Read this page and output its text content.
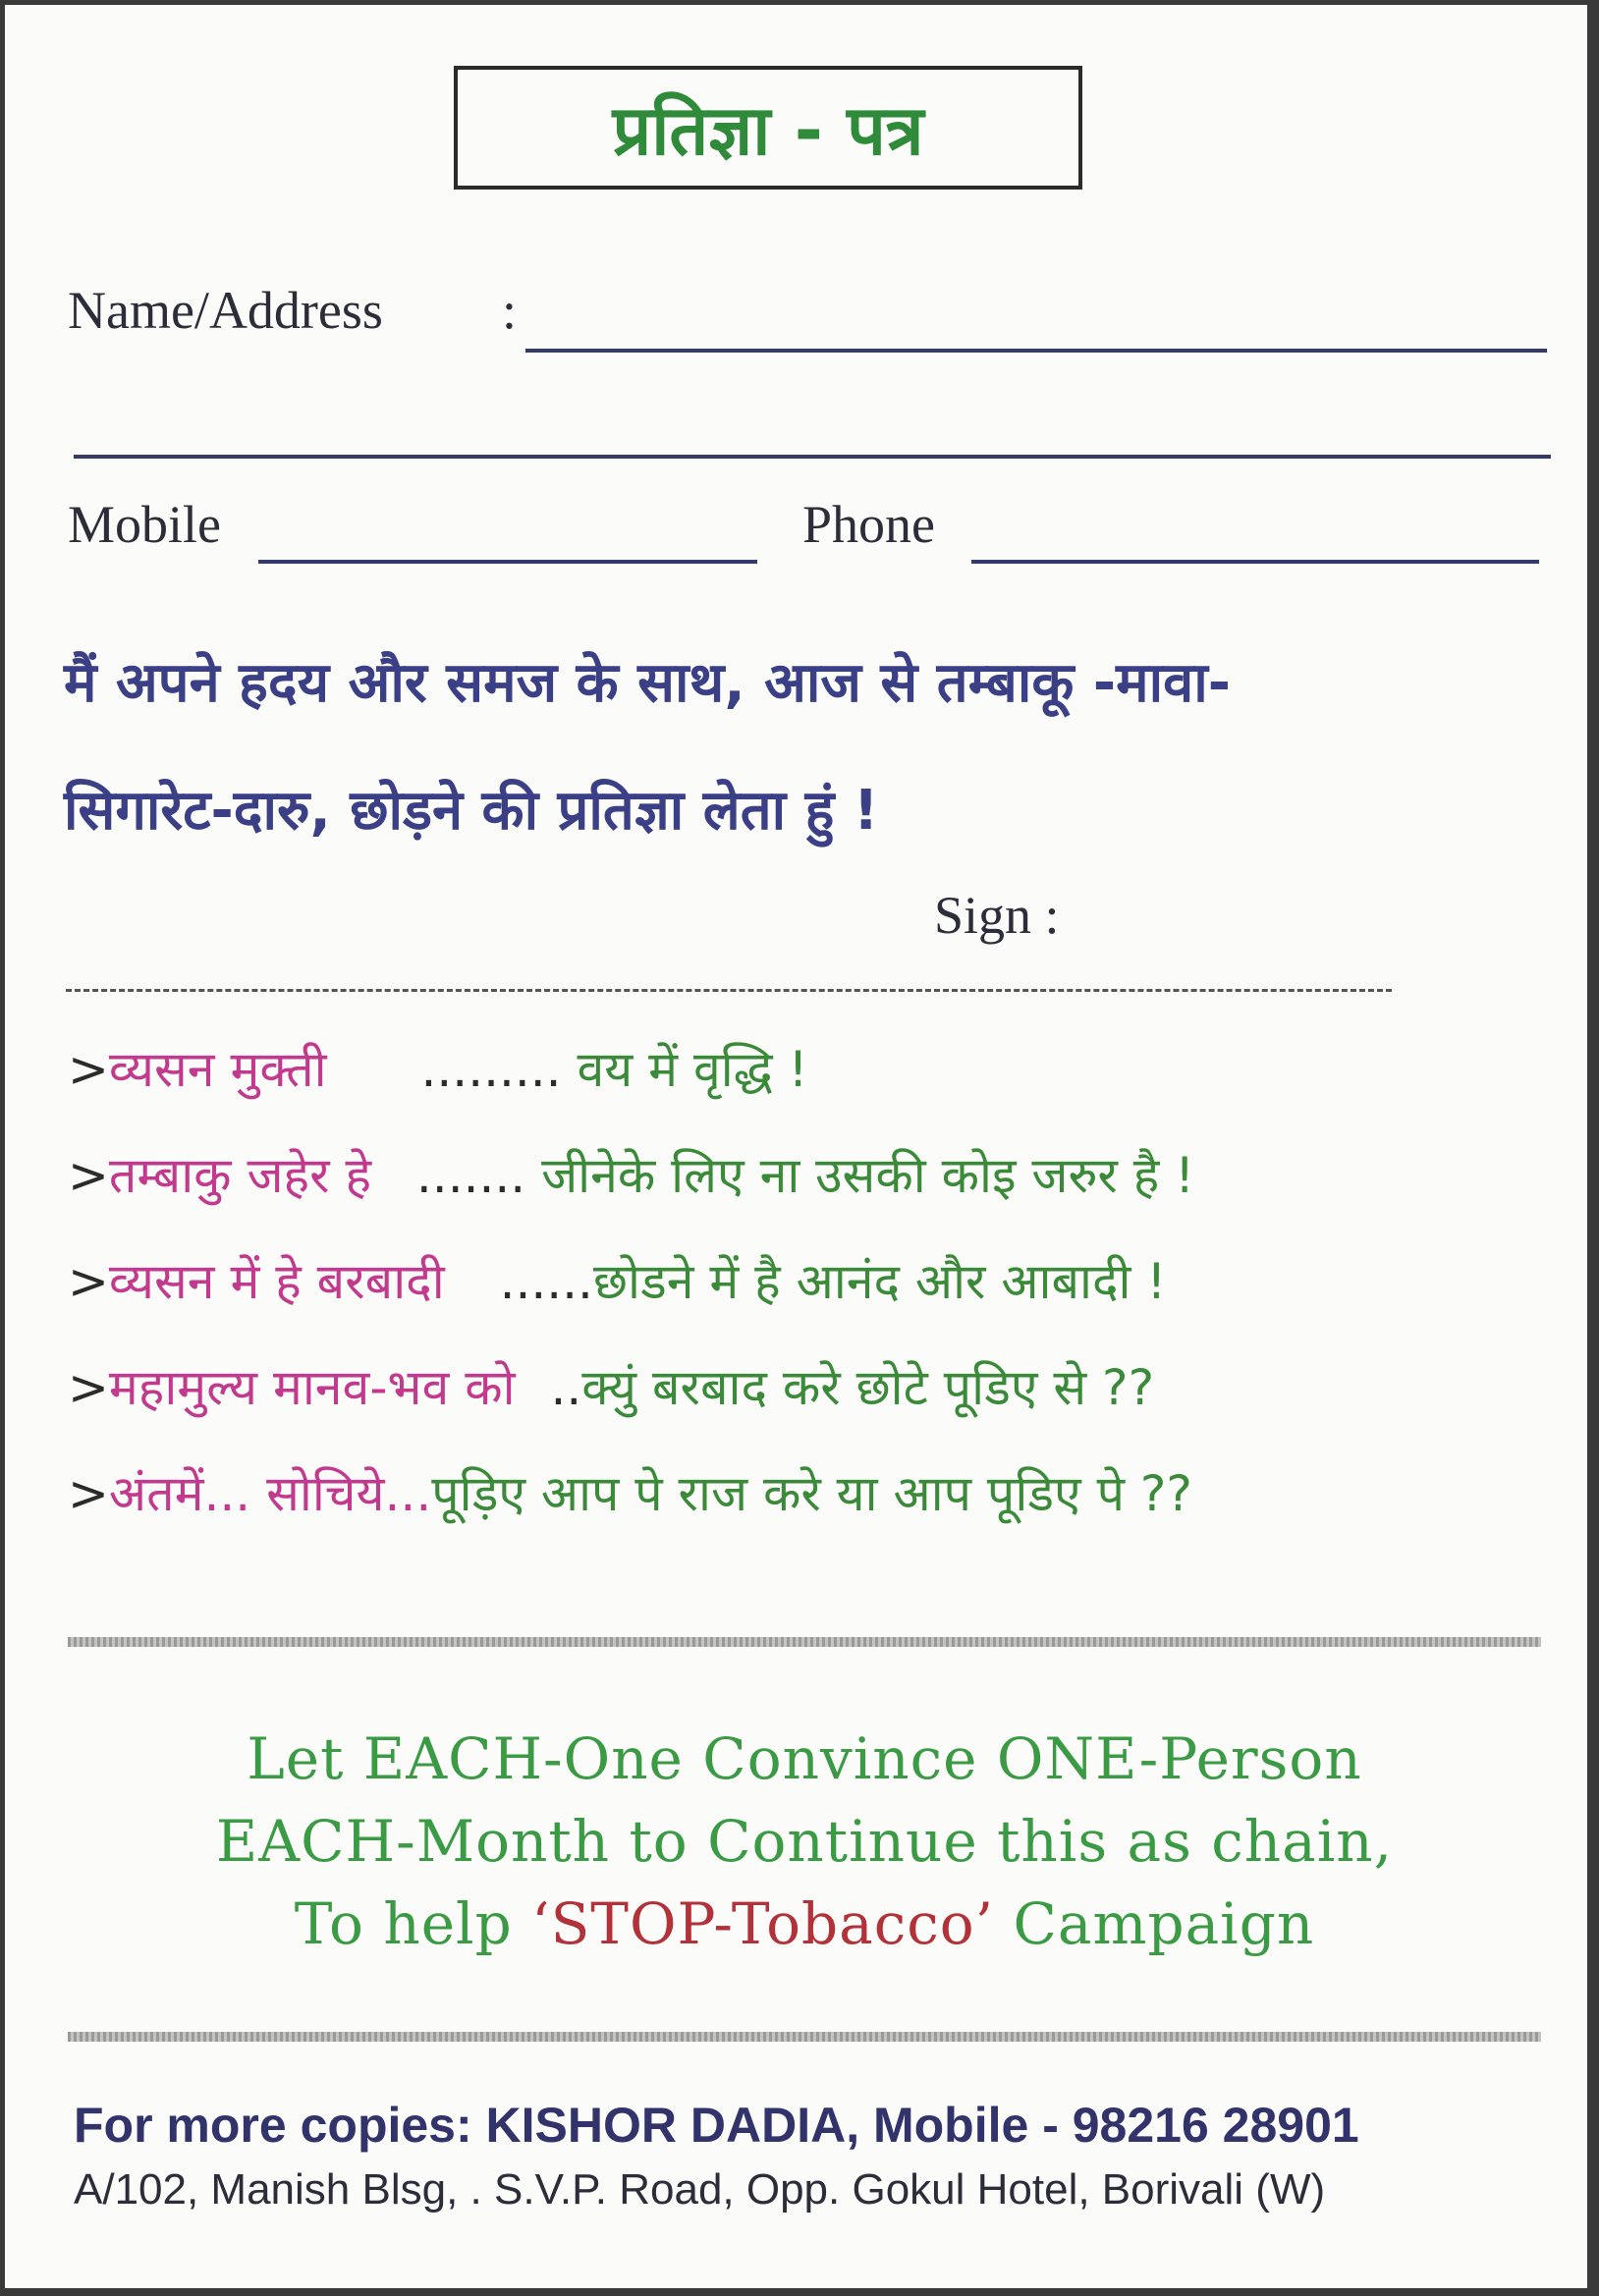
प्रतिज्ञा - पत्र
Name/Address :
Mobile	Phone
मैं अपने हदय और समज के साथ, आज से तम्बाकू -मावा-
सिगारेट-दारु, छोड़ने की प्रतिज्ञा लेता हुं !
Sign :
>व्यसन मुक्ती ......... वय में वृद्धि !
>तम्बाकु जहेर हे ....... जीनेके लिए ना उसकी कोइ जरुर है !
>व्यसन में हे बरबादी ......छोडने में है आनंद और आबादी !
>महामुल्य मानव-भव को ..क्युं बरबाद करे छोटे पूडिए से ??
>अंतमें... सोचिये...पूड़िए आप पे राज करे या आप पूडिए पे ??
Let EACH-One Convince ONE-Person
EACH-Month to Continue this as chain,
To help ‘STOP-Tobacco’ Campaign
For more copies: KISHOR DADIA, Mobile - 98216 28901
A/102, Manish Blsg, . S.V.P. Road, Opp. Gokul Hotel, Borivali (W)
